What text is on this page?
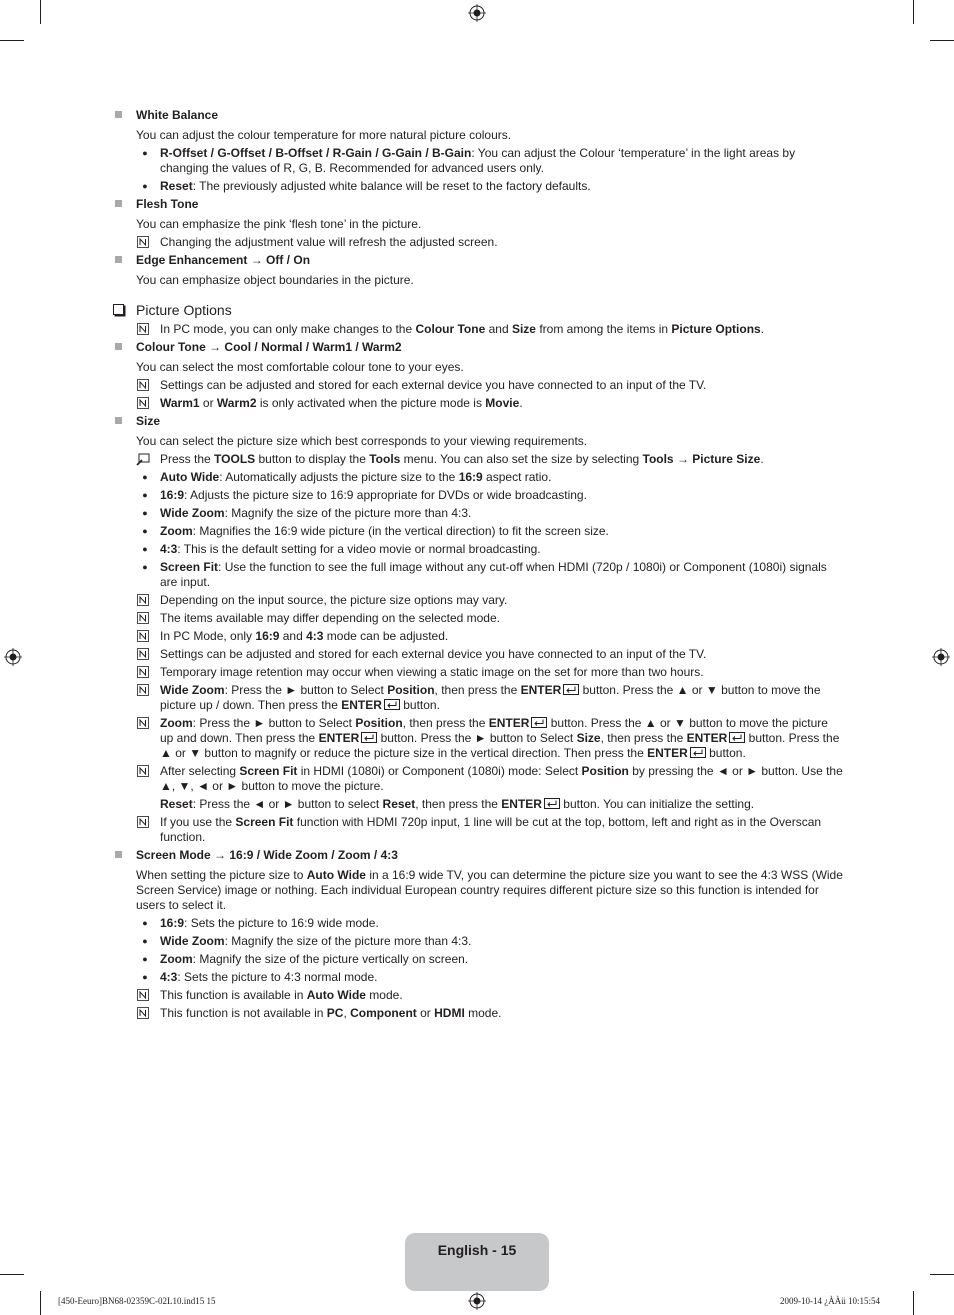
White Balance
You can adjust the colour temperature for more natural picture colours.
●	R-Offset / G-Offset / B-Offset / R-Gain / G-Gain / B-Gain: You can adjust the Colour ‘temperature’ in the light areas by changing the values of R, G, B. Recommended for advanced users only.
●	Reset: The previously adjusted white balance will be reset to the factory defaults.
Flesh Tone
You can emphasize the pink ‘flesh tone’ in the picture.
Changing the adjustment value will refresh the adjusted screen.
Edge Enhancement → Off / On
You can emphasize object boundaries in the picture.
Picture Options
In PC mode, you can only make changes to the Colour Tone and Size from among the items in Picture Options.
Colour Tone → Cool / Normal / Warm1 / Warm2
You can select the most comfortable colour tone to your eyes.
Settings can be adjusted and stored for each external device you have connected to an input of the TV.
Warm1 or Warm2 is only activated when the picture mode is Movie.
Size
You can select the picture size which best corresponds to your viewing requirements.
Press the TOOLS button to display the Tools menu. You can also set the size by selecting Tools → Picture Size.
●	Auto Wide: Automatically adjusts the picture size to the 16:9 aspect ratio.
●	16:9: Adjusts the picture size to 16:9 appropriate for DVDs or wide broadcasting.
●	Wide Zoom: Magnify the size of the picture more than 4:3.
●	Zoom: Magnifies the 16:9 wide picture (in the vertical direction) to fit the screen size.
●	4:3: This is the default setting for a video movie or normal broadcasting.
●	Screen Fit: Use the function to see the full image without any cut-off when HDMI (720p / 1080i) or Component (1080i) signals are input.
Depending on the input source, the picture size options may vary.
The items available may differ depending on the selected mode.
In PC Mode, only 16:9 and 4:3 mode can be adjusted.
Settings can be adjusted and stored for each external device you have connected to an input of the TV.
Temporary image retention may occur when viewing a static image on the set for more than two hours.
Wide Zoom: Press the ► button to Select Position, then press the ENTER button. Press the ▲ or ▼ button to move the picture up / down. Then press the ENTER button.
Zoom: Press the ► button to Select Position, then press the ENTER button. Press the ▲ or ▼ button to move the picture up and down. Then press the ENTER button. Press the ► button to Select Size, then press the ENTER button. Press the ▲ or ▼ button to magnify or reduce the picture size in the vertical direction. Then press the ENTER button.
After selecting Screen Fit in HDMI (1080i) or Component (1080i) mode: Select Position by pressing the ◄ or ► button. Use the ▲, ▼, ◄ or ► button to move the picture.
Reset: Press the ◄ or ► button to select Reset, then press the ENTER button. You can initialize the setting.
If you use the Screen Fit function with HDMI 720p input, 1 line will be cut at the top, bottom, left and right as in the Overscan function.
Screen Mode → 16:9 / Wide Zoom / Zoom / 4:3
When setting the picture size to Auto Wide in a 16:9 wide TV, you can determine the picture size you want to see the 4:3 WSS (Wide Screen Service) image or nothing. Each individual European country requires different picture size so this function is intended for users to select it.
●	16:9: Sets the picture to 16:9 wide mode.
●	Wide Zoom: Magnify the size of the picture more than 4:3.
●	Zoom: Magnify the size of the picture vertically on screen.
●	4:3: Sets the picture to 4:3 normal mode.
This function is available in Auto Wide mode.
This function is not available in PC, Component or HDMI mode.
English - 15
[450-Eeuro]BN68-02359C-02L10.ind15 15	2009-10-14 ¿ÀÀü 10:15:54
